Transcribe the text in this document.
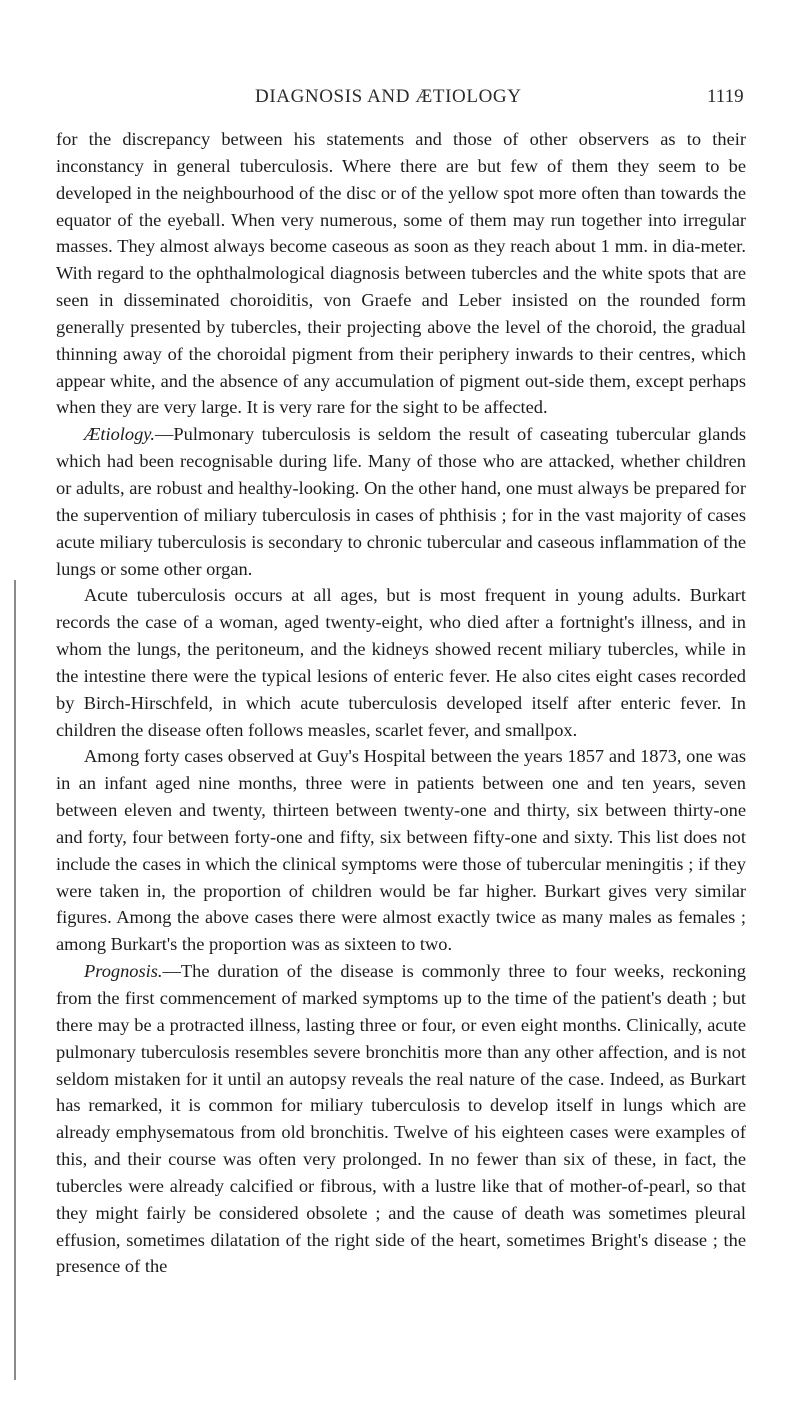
DIAGNOSIS AND ÆTIOLOGY	1119

for the discrepancy between his statements and those of other observers as to their inconstancy in general tuberculosis. Where there are but few of them they seem to be developed in the neighbourhood of the disc or of the yellow spot more often than towards the equator of the eyeball. When very numerous, some of them may run together into irregular masses. They almost always become caseous as soon as they reach about 1 mm. in dia-meter. With regard to the ophthalmological diagnosis between tubercles and the white spots that are seen in disseminated choroiditis, von Graefe and Leber insisted on the rounded form generally presented by tubercles, their projecting above the level of the choroid, the gradual thinning away of the choroidal pigment from their periphery inwards to their centres, which appear white, and the absence of any accumulation of pigment out-side them, except perhaps when they are very large. It is very rare for the sight to be affected.

Ætiology.—Pulmonary tuberculosis is seldom the result of caseating tubercular glands which had been recognisable during life. Many of those who are attacked, whether children or adults, are robust and healthy-looking. On the other hand, one must always be prepared for the supervention of miliary tuberculosis in cases of phthisis ; for in the vast majority of cases acute miliary tuberculosis is secondary to chronic tubercular and caseous inflammation of the lungs or some other organ.

Acute tuberculosis occurs at all ages, but is most frequent in young adults. Burkart records the case of a woman, aged twenty-eight, who died after a fortnight's illness, and in whom the lungs, the peritoneum, and the kidneys showed recent miliary tubercles, while in the intestine there were the typical lesions of enteric fever. He also cites eight cases recorded by Birch-Hirschfeld, in which acute tuberculosis developed itself after enteric fever. In children the disease often follows measles, scarlet fever, and smallpox.

Among forty cases observed at Guy's Hospital between the years 1857 and 1873, one was in an infant aged nine months, three were in patients between one and ten years, seven between eleven and twenty, thirteen between twenty-one and thirty, six between thirty-one and forty, four between forty-one and fifty, six between fifty-one and sixty. This list does not include the cases in which the clinical symptoms were those of tubercular meningitis ; if they were taken in, the proportion of children would be far higher. Burkart gives very similar figures. Among the above cases there were almost exactly twice as many males as females ; among Burkart's the proportion was as sixteen to two.

Prognosis.—The duration of the disease is commonly three to four weeks, reckoning from the first commencement of marked symptoms up to the time of the patient's death ; but there may be a protracted illness, lasting three or four, or even eight months. Clinically, acute pulmonary tuberculosis resembles severe bronchitis more than any other affection, and is not seldom mistaken for it until an autopsy reveals the real nature of the case. Indeed, as Burkart has remarked, it is common for miliary tuberculosis to develop itself in lungs which are already emphysematous from old bronchitis. Twelve of his eighteen cases were examples of this, and their course was often very prolonged. In no fewer than six of these, in fact, the tubercles were already calcified or fibrous, with a lustre like that of mother-of-pearl, so that they might fairly be considered obsolete ; and the cause of death was sometimes pleural effusion, sometimes dilatation of the right side of the heart, sometimes Bright's disease ; the presence of the
